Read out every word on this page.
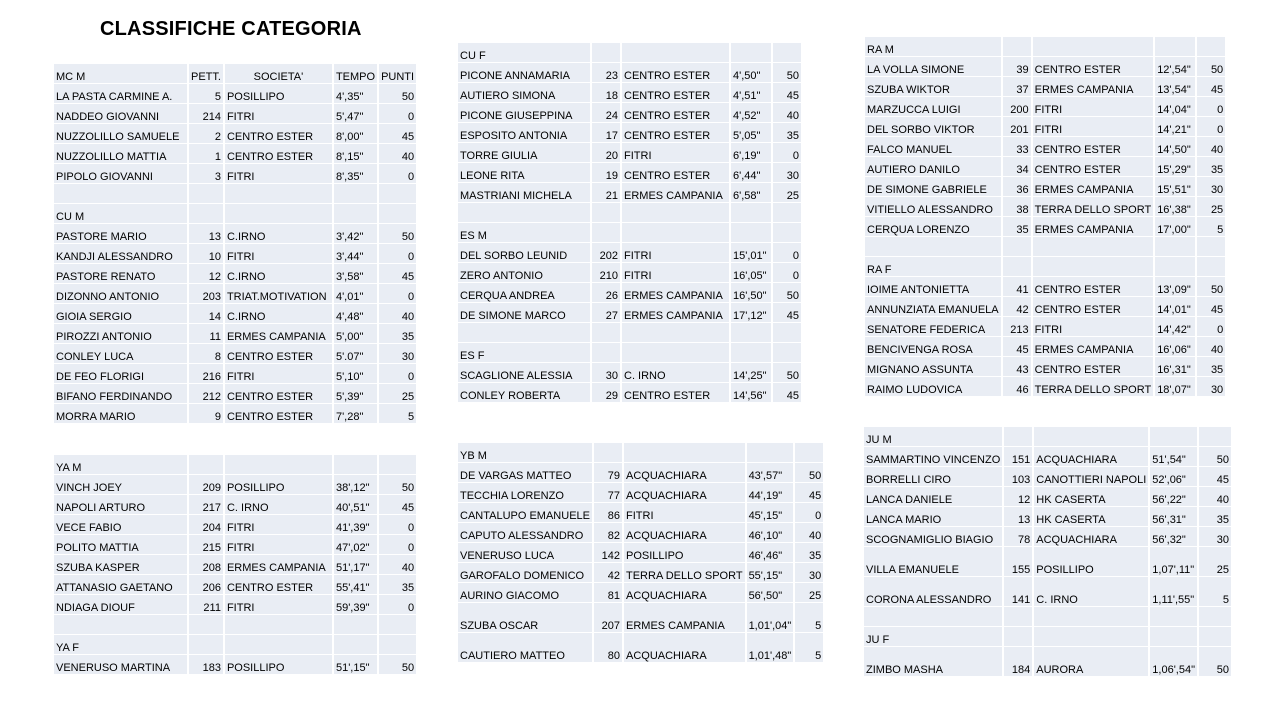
CLASSIFICHE CATEGORIA
MC M	PETT.	SOCIETA'	TEMPO	PUNTI
LA PASTA CARMINE A.	5	POSILLIPO	4',35"	50
NADDEO GIOVANNI	214	FITRI	5',47"	0
NUZZOLILLO SAMUELE	2	CENTRO ESTER	8',00"	45
NUZZOLILLO MATTIA	1	CENTRO ESTER	8',15"	40
PIPOLO GIOVANNI	3	FITRI	8',35"	0

CU M				
PASTORE MARIO	13	C.IRNO	3',42"	50
KANDJI ALESSANDRO	10	FITRI	3',44"	0
PASTORE RENATO	12	C.IRNO	3',58"	45
DIZONNO ANTONIO	203	TRIAT.MOTIVATION	4',01"	0
GIOIA SERGIO	14	C.IRNO	4',48"	40
PIROZZI ANTONIO	11	ERMES CAMPANIA	5',00"	35
CONLEY LUCA	8	CENTRO ESTER	5'.07"	30
DE FEO FLORIGI	216	FITRI	5',10"	0
BIFANO FERDINANDO	212	CENTRO ESTER	5',39"	25
MORRA MARIO	9	CENTRO ESTER	7',28"	5

YA M				
VINCH JOEY	209	POSILLIPO	38',12"	50
NAPOLI ARTURO	217	C. IRNO	40',51"	45
VECE FABIO	204	FITRI	41',39"	0
POLITO MATTIA	215	FITRI	47',02"	0
SZUBA KASPER	208	ERMES CAMPANIA	51',17"	40
ATTANASIO GAETANO	206	CENTRO ESTER	55',41"	35
NDIAGA DIOUF	211	FITRI	59',39"	0

YA F				
VENERUSO MARTINA	183	POSILLIPO	51',15"	50
CU F				
PICONE ANNAMARIA	23	CENTRO ESTER	4',50"	50
AUTIERO SIMONA	18	CENTRO ESTER	4',51"	45
PICONE GIUSEPPINA	24	CENTRO ESTER	4',52"	40
ESPOSITO ANTONIA	17	CENTRO ESTER	5',05"	35
TORRE GIULIA	20	FITRI	6',19"	0
LEONE RITA	19	CENTRO ESTER	6',44"	30
MASTRIANI MICHELA	21	ERMES CAMPANIA	6',58"	25

ES M				
DEL SORBO LEUNID	202	FITRI	15',01"	0
ZERO ANTONIO	210	FITRI	16',05"	0
CERQUA ANDREA	26	ERMES CAMPANIA	16',50"	50
DE SIMONE MARCO	27	ERMES CAMPANIA	17',12"	45

ES F				
SCAGLIONE ALESSIA	30	C. IRNO	14',25"	50
CONLEY ROBERTA	29	CENTRO ESTER	14',56"	45
YB M				
DE VARGAS MATTEO	79	ACQUACHIARA	43',57"	50
TECCHIA LORENZO	77	ACQUACHIARA	44',19"	45
CANTALUPO EMANUELE	86	FITRI	45',15"	0
CAPUTO ALESSANDRO	82	ACQUACHIARA	46',10"	40
VENERUSO LUCA	142	POSILLIPO	46',46"	35
GAROFALO DOMENICO	42	TERRA DELLO SPORT	55',15"	30
AURINO GIACOMO	81	ACQUACHIARA	56',50"	25
SZUBA OSCAR	207	ERMES CAMPANIA	1,01',04"	5
CAUTIERO MATTEO	80	ACQUACHIARA	1,01',48"	5
RA M				
LA VOLLA SIMONE	39	CENTRO ESTER	12',54"	50
SZUBA WIKTOR	37	ERMES CAMPANIA	13',54"	45
MARZUCCA LUIGI	200	FITRI	14',04"	0
DEL SORBO VIKTOR	201	FITRI	14',21"	0
FALCO MANUEL	33	CENTRO ESTER	14',50"	40
AUTIERO DANILO	34	CENTRO ESTER	15',29"	35
DE SIMONE GABRIELE	36	ERMES CAMPANIA	15',51"	30
VITIELLO ALESSANDRO	38	TERRA DELLO SPORT	16',38"	25
CERQUA LORENZO	35	ERMES CAMPANIA	17',00"	5

RA F				
IOIME ANTONIETTA	41	CENTRO ESTER	13',09"	50
ANNUNZIATA EMANUELA	42	CENTRO ESTER	14',01"	45
SENATORE FEDERICA	213	FITRI	14',42"	0
BENCIVENGA ROSA	45	ERMES CAMPANIA	16',06"	40
MIGNANO ASSUNTA	43	CENTRO ESTER	16',31"	35
RAIMO LUDOVICA	46	TERRA DELLO SPORT	18',07"	30
JU M				
SAMMARTINO VINCENZO	151	ACQUACHIARA	51',54"	50
BORRELLI CIRO	103	CANOTTIERI NAPOLI	52',06"	45
LANCA DANIELE	12	HK CASERTA	56',22"	40
LANCA MARIO	13	HK CASERTA	56',31"	35
SCOGNAMIGLIO BIAGIO	78	ACQUACHIARA	56',32"	30
VILLA EMANUELE	155	POSILLIPO	1,07',11"	25
CORONA ALESSANDRO	141	C. IRNO	1,11',55"	5

JU F				
ZIMBO MASHA	184	AURORA	1,06',54"	50
